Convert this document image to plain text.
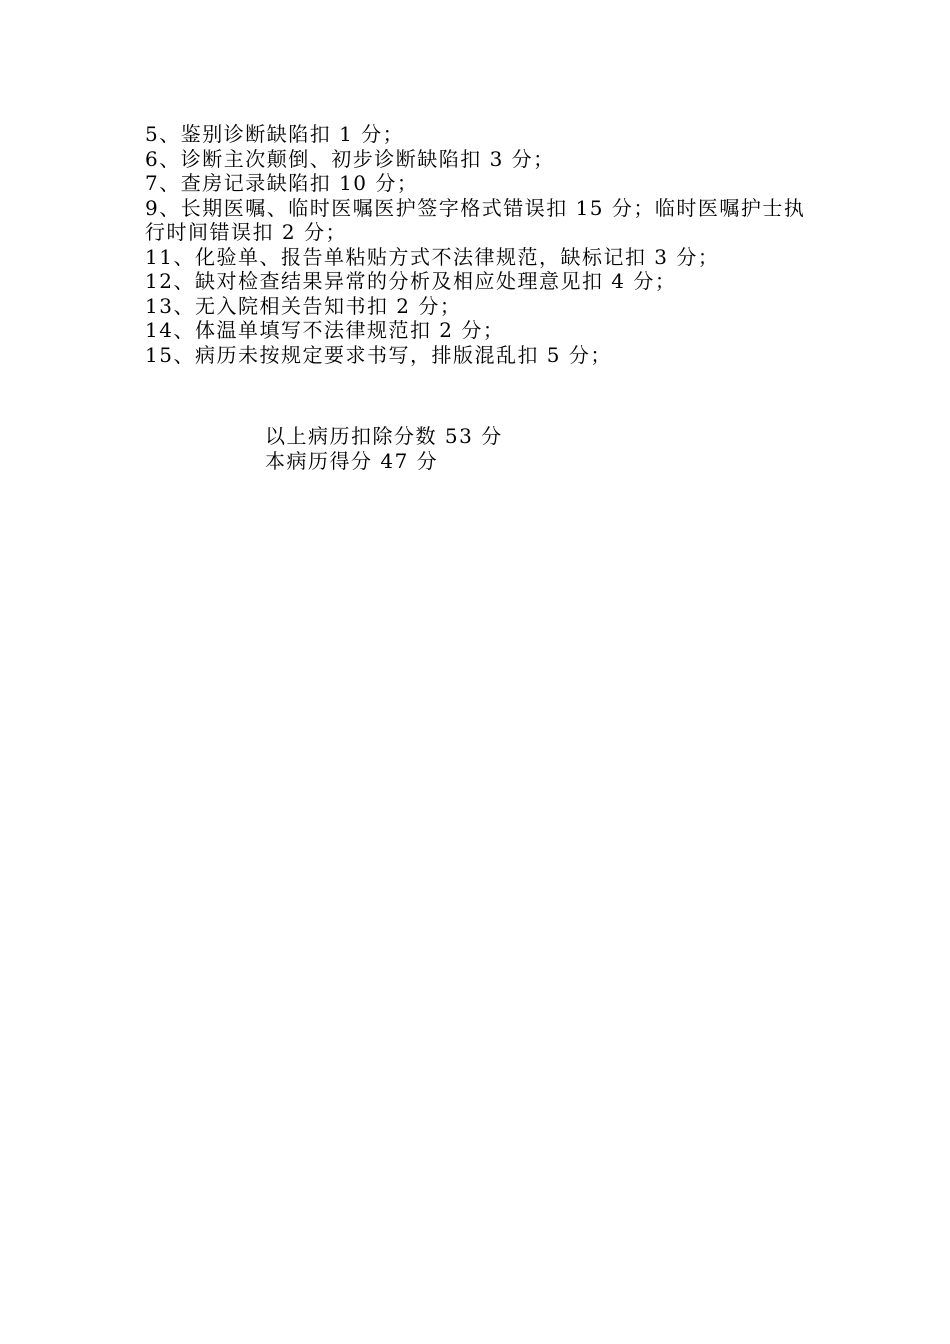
5、鉴别诊断缺陷扣 1 分；

6、诊断主次颠倒、初步诊断缺陷扣 3 分；

7、查房记录缺陷扣 10 分；

9、长期医嘱、临时医嘱医护签字格式错误扣 15 分；临时医嘱护士执行时间错误扣 2 分；

11、化验单、报告单粘贴方式不法律规范，缺标记扣 3 分；

12、缺对检查结果异常的分析及相应处理意见扣 4 分；

13、无入院相关告知书扣 2 分；

14、体温单填写不法律规范扣 2 分；

15、病历未按规定要求书写，排版混乱扣 5 分；

以上病历扣除分数 53 分

本病历得分 47 分
